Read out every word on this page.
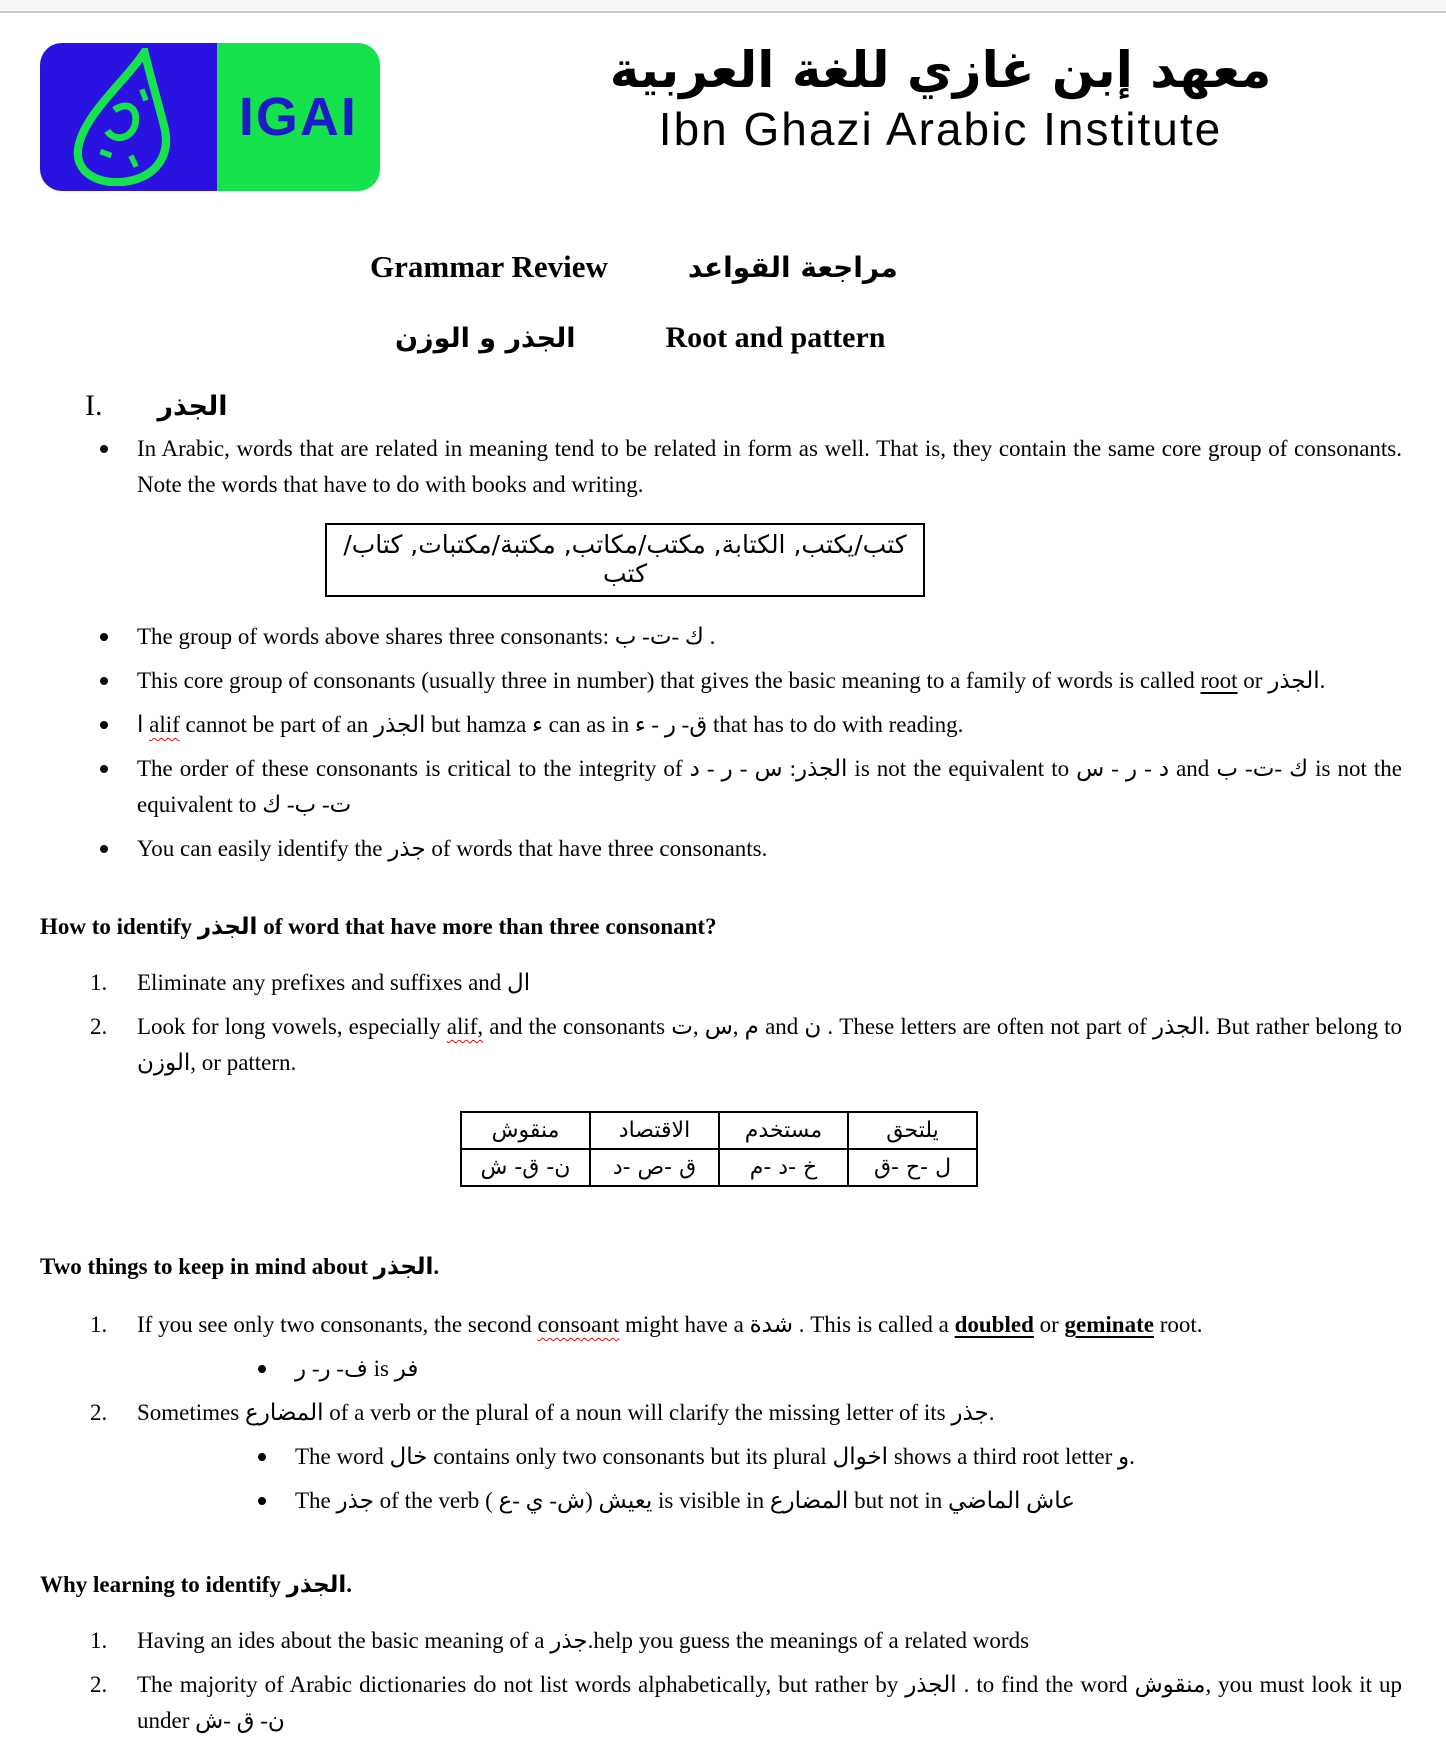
IGAI
معهد إبن غازي للغة العربية
Ibn Ghazi Arabic Institute
Grammar Review	مراجعة القواعد
الجذر و الوزن	Root and pattern
I. الجذر

In Arabic, words that are related in meaning tend to be related in form as well. That is, they contain the same core group of consonants. Note the words that have to do with books and writing.

كتب/يكتب, الكتابة, مكتب/مكاتب, مكتبة/مكتبات, كتاب/كتب

The group of words above shares three consonants: ك -ت- ب .

This core group of consonants (usually three in number) that gives the basic meaning to a family of words is called root or الجذر.

ا alif cannot be part of an الجذر but hamza ء can as in ق- ر - ء that has to do with reading.

The order of these consonants is critical to the integrity of الجذر: س - ر - د is not the equivalent to د - ر - س and ك -ت- ب is not the equivalent to ت- ب- ك

You can easily identify the جذر of words that have three consonants.

How to identify الجذر of word that have more than three consonant?
1.	Eliminate any prefixes and suffixes and ال

2.	Look for long vowels, especially alif, and the consonants م ,س ,ت and ن . These letters are often not part of الجذر. But rather belong to الوزن, or pattern.

يلتحق	مستخدم	الاقتصاد	منقوش
ل -ح -ق	خ -د -م	ق -ص -د	ن- ق- ش
Two things to keep in mind about الجذر.
1.	If you see only two consonants, the second consoant might have a شدة . This is called a doubled or geminate root.

فر is ف- ر- ر

2.	Sometimes المضارع of a verb or the plural of a noun will clarify the missing letter of its جذر.

The word خال contains only two consonants but its plural اخوال shows a third root letter و.

The جذر of the verb يعيش (ش- ي -ع ) is visible in المضارع but not in عاش الماضي

Why learning to identify الجذر.
1.	Having an ides about the basic meaning of a جذر.help you guess the meanings of a related words

2.	The majority of Arabic dictionaries do not list words alphabetically, but rather by الجذر . to find the word منقوش, you must look it up under ن- ق -ش
